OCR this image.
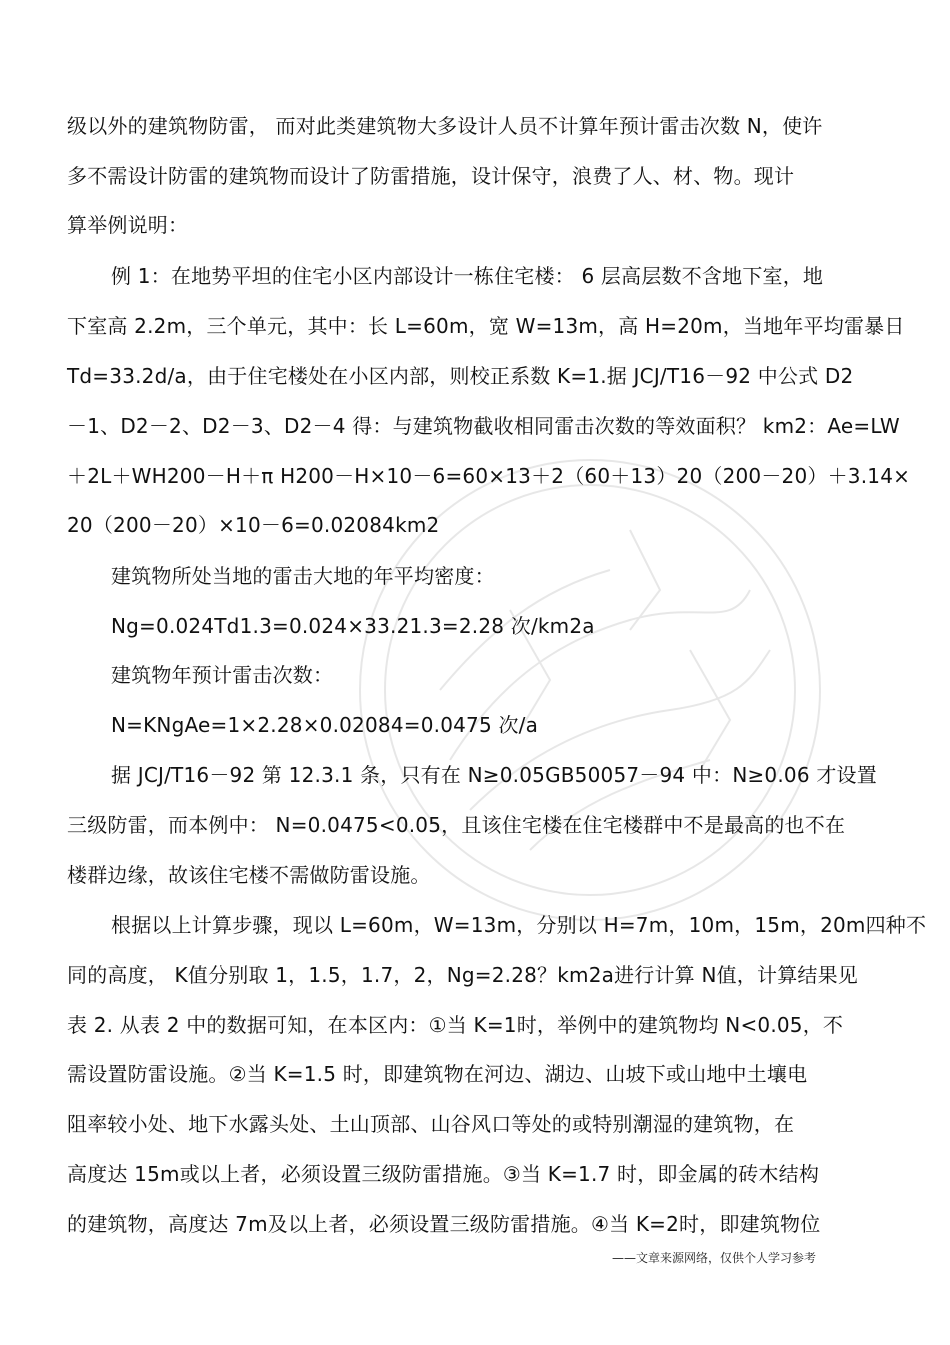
级以外的建筑物防雷， 而对此类建筑物大多设计人员不计算年预计雷击次数 N，使许
多不需设计防雷的建筑物而设计了防雷措施，设计保守，浪费了人、材、物。现计
算举例说明：
例 1：在地势平坦的住宅小区内部设计一栋住宅楼： 6 层高层数不含地下室，地
下室高 2.2m，三个单元，其中：长 L=60m，宽 W=13m，高 H=20m，当地年平均雷暴日
Td=33.2d/a，由于住宅楼处在小区内部，则校正系数 K=1.据 JCJ/T16－92 中公式 D2
－1、D2－2、D2－3、D2－4 得：与建筑物截收相同雷击次数的等效面积？ km2：Ae=LW
＋2L＋WH200－H＋π H200－H×10－6=60×13＋2（60＋13）20（200－20）＋3.14×
20（200－20）×10－6=0.02084km2
建筑物所处当地的雷击大地的年平均密度：
Ng=0.024Td1.3=0.024×33.21.3=2.28 次/km2a
建筑物年预计雷击次数：
N=KNgAe=1×2.28×0.02084=0.0475 次/a
据 JCJ/T16－92 第 12.3.1 条，只有在 N≥0.05GB50057－94 中：N≥0.06 才设置
三级防雷，而本例中： N=0.0475<0.05，且该住宅楼在住宅楼群中不是最高的也不在
楼群边缘，故该住宅楼不需做防雷设施。
根据以上计算步骤，现以 L=60m，W=13m，分别以 H=7m，10m，15m，20m四种不
同的高度， K值分别取 1，1.5，1.7，2，Ng=2.28？km2a进行计算 N值，计算结果见
表 2. 从表 2 中的数据可知，在本区内：①当 K=1时，举例中的建筑物均 N<0.05，不
需设置防雷设施。②当 K=1.5 时，即建筑物在河边、湖边、山坡下或山地中土壤电
阻率较小处、地下水露头处、土山顶部、山谷风口等处的或特别潮湿的建筑物，在
高度达 15m或以上者，必须设置三级防雷措施。③当 K=1.7 时，即金属的砖木结构
的建筑物，高度达 7m及以上者，必须设置三级防雷措施。④当 K=2时，即建筑物位
——文章来源网络，仅供个人学习参考
